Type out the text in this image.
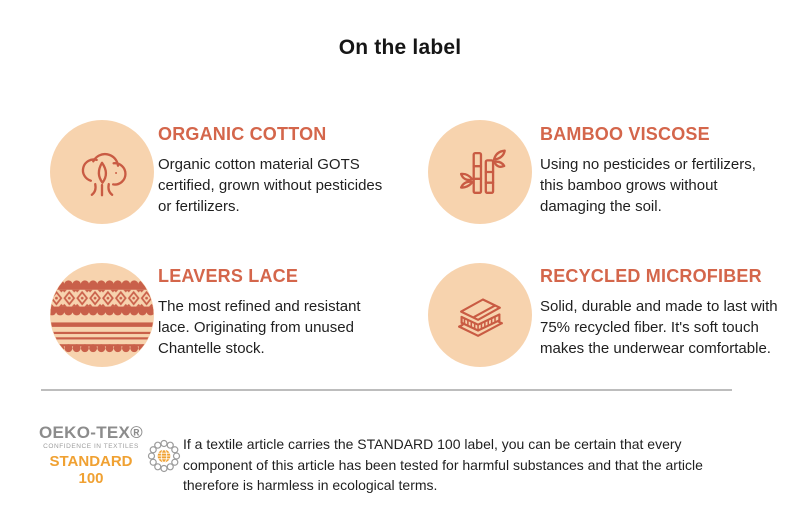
On the label
ORGANIC COTTON

Organic cotton material GOTS certified, grown without pesticides or fertilizers.

BAMBOO VISCOSE

Using no pesticides or fertilizers, this bamboo grows without damaging the soil.

LEAVERS LACE

The most refined and resistant lace. Originating from unused Chantelle stock.

RECYCLED MICROFIBER

Solid, durable and made to last with 75% recycled fiber. It's soft touch makes the underwear comfortable.

OEKO-TEX®
CONFIDENCE IN TEXTILES
STANDARD 100

If a textile article carries the STANDARD 100 label, you can be certain that every component of this article has been tested for harmful substances and that the article therefore is harmless in ecological terms.
